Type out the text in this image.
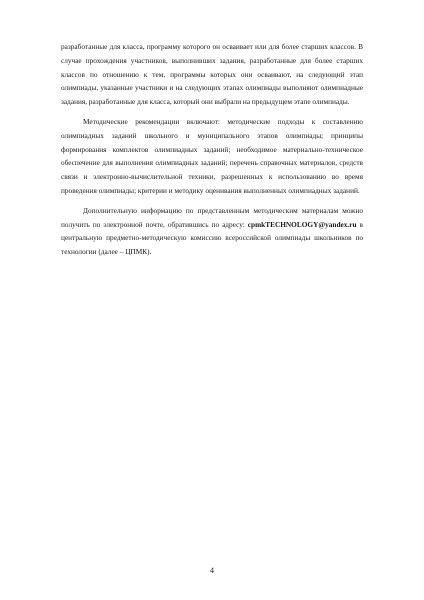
разработанные для класса, программу которого он осваивает или для более старших классов. В случае прохождения участников, выполнивших задания, разработанные для более старших классов по отношению к тем, программы которых они осваивают, на следующий этап олимпиады, указанные участники и на следующих этапах олимпиады выполняют олимпиадные задания, разработанные для класса, который они выбрали на предыдущем этапе олимпиады.

Методические рекомендации включают: методические подходы к составлению олимпиадных заданий школьного и муниципального этапов олимпиады; принципы формирования комплектов олимпиадных заданий; необходимое материально-техническое обеспечение для выполнения олимпиадных заданий; перечень справочных материалов, средств связи и электронно-вычислительной техники, разрешенных к использованию во время проведения олимпиады; критерии и методику оценивания выполненных олимпиадных заданий.

Дополнительную информацию по представленным методическим материалам можно получить по электронной почте, обратившись по адресу: cpmkTECHNOLOGY@yandex.ru в центральную предметно-методическую комиссию всероссийской олимпиады школьников по технологии (далее – ЦПМК).

4
